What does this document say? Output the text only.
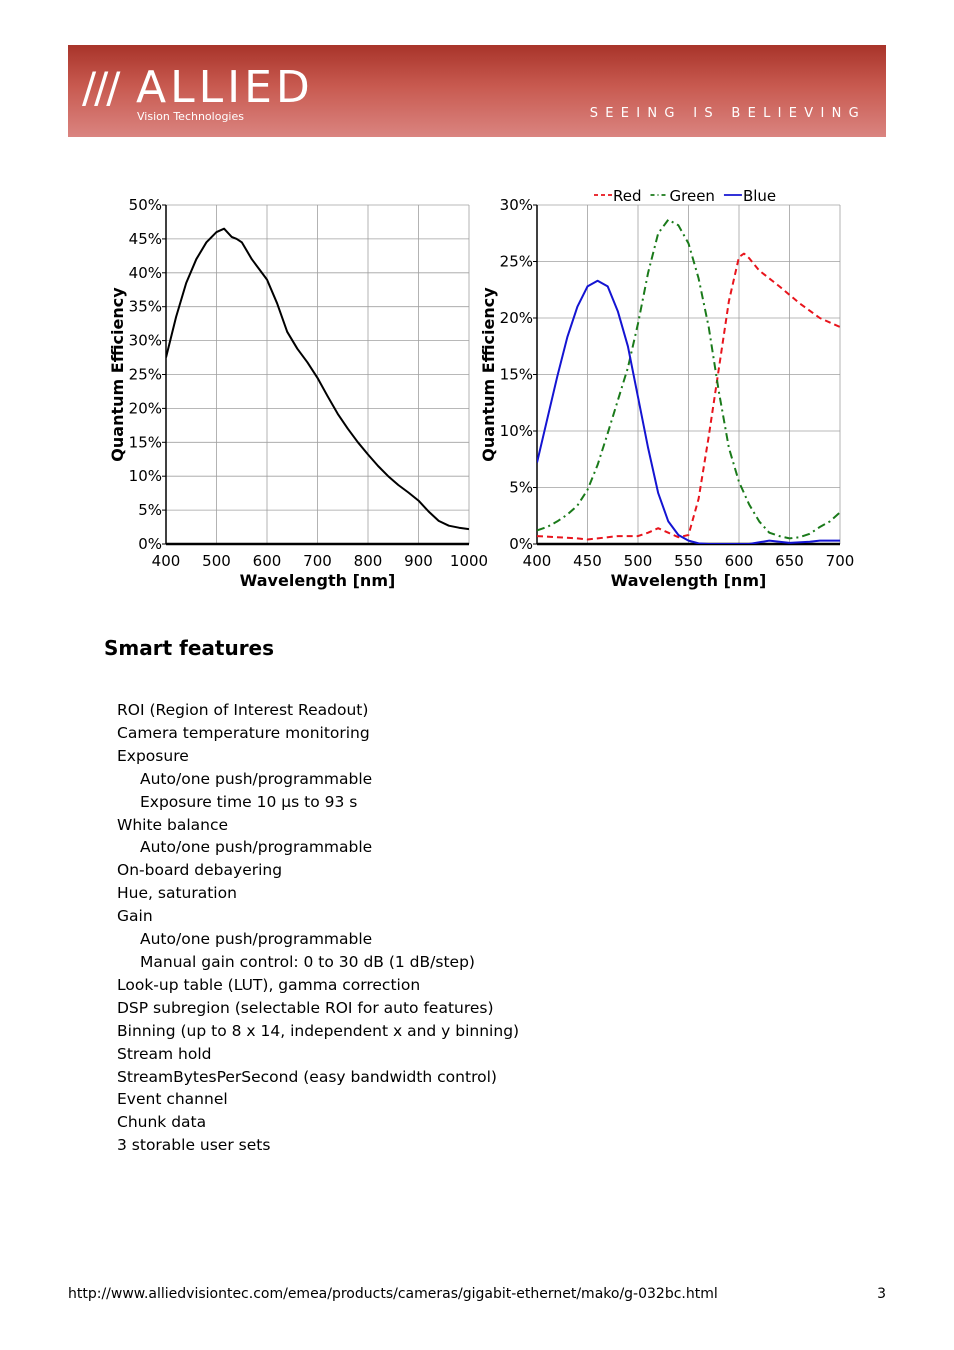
/// ALLIED
Vision Technologies	SEEING IS BELIEVING
0%
5%
10%
15%
20%
25%
30%
35%
40%
45%
50%
400 500 600 700 800 900 1000
Wavelength [nm]
Quantum Efficiency
0%
5%
10%
15%
20%
25%
30%
400 450 500 550 600 650 700
Wavelength [nm]
Quantum Efficiency
Red Green Blue
Smart features
ROI (Region of Interest Readout)
Camera temperature monitoring
Exposure
Auto/one push/programmable
Exposure time 10 µs to 93 s
White balance
Auto/one push/programmable
On-board debayering
Hue, saturation
Gain
Auto/one push/programmable
Manual gain control: 0 to 30 dB (1 dB/step)
Look-up table (LUT), gamma correction
DSP subregion (selectable ROI for auto features)
Binning (up to 8 x 14, independent x and y binning)
Stream hold
StreamBytesPerSecond (easy bandwidth control)
Event channel
Chunk data
3 storable user sets
http://www.alliedvisiontec.com/emea/products/cameras/gigabit-ethernet/mako/g-032bc.html	3
